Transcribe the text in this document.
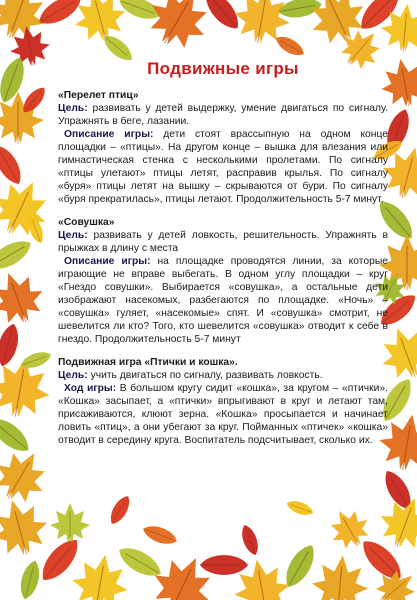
Подвижные игры
«Перелет птиц»

Цель: развивать у детей выдержку, умение двигаться по сигналу. Упражнять в беге, лазании.

Описание игры: дети стоят врассыпную на одном конце площадки – «птицы». На другом конце – вышка для влезания или гимнастическая стенка с несколькими пролетами. По сигналу «птицы улетают» птицы летят, расправив крылья. По сигналу «буря» птицы летят на вышку – скрываются от бури. По сигналу «буря прекратилась», птицы летают. Продолжительность 5-7 минут.

«Совушка»

Цель: развивать у детей ловкость, решительность. Упражнять в прыжках в длину с места

Описание игры: на площадке проводятся линии, за которые играющие не вправе выбегать. В одном углу площадки – круг «Гнездо совушки». Выбирается «совушка», а остальные дети изображают насекомых, разбегаются по площадке. «Ночь» – «совушка» гуляет, «насекомые» спят. И «совушка» смотрит, не шевелится ли кто? Того, кто шевелится «совушка» отводит к себе в гнездо. Продолжительность 5-7 минут

Подвижная игра «Птички и кошка».

Цель: учить двигаться по сигналу, развивать ловкость.

Ход игры: В большом кругу сидит «кошка», за кругом – «птички». «Кошка» засыпает, а «птички» впрыгивают в круг и летают там, присаживаются, клюют зерна. «Кошка» просыпается и начинает ловить «птиц», а они убегают за круг. Пойманных «птичек» «кошка» отводит в середину круга. Воспитатель подсчитывает, сколько их.
